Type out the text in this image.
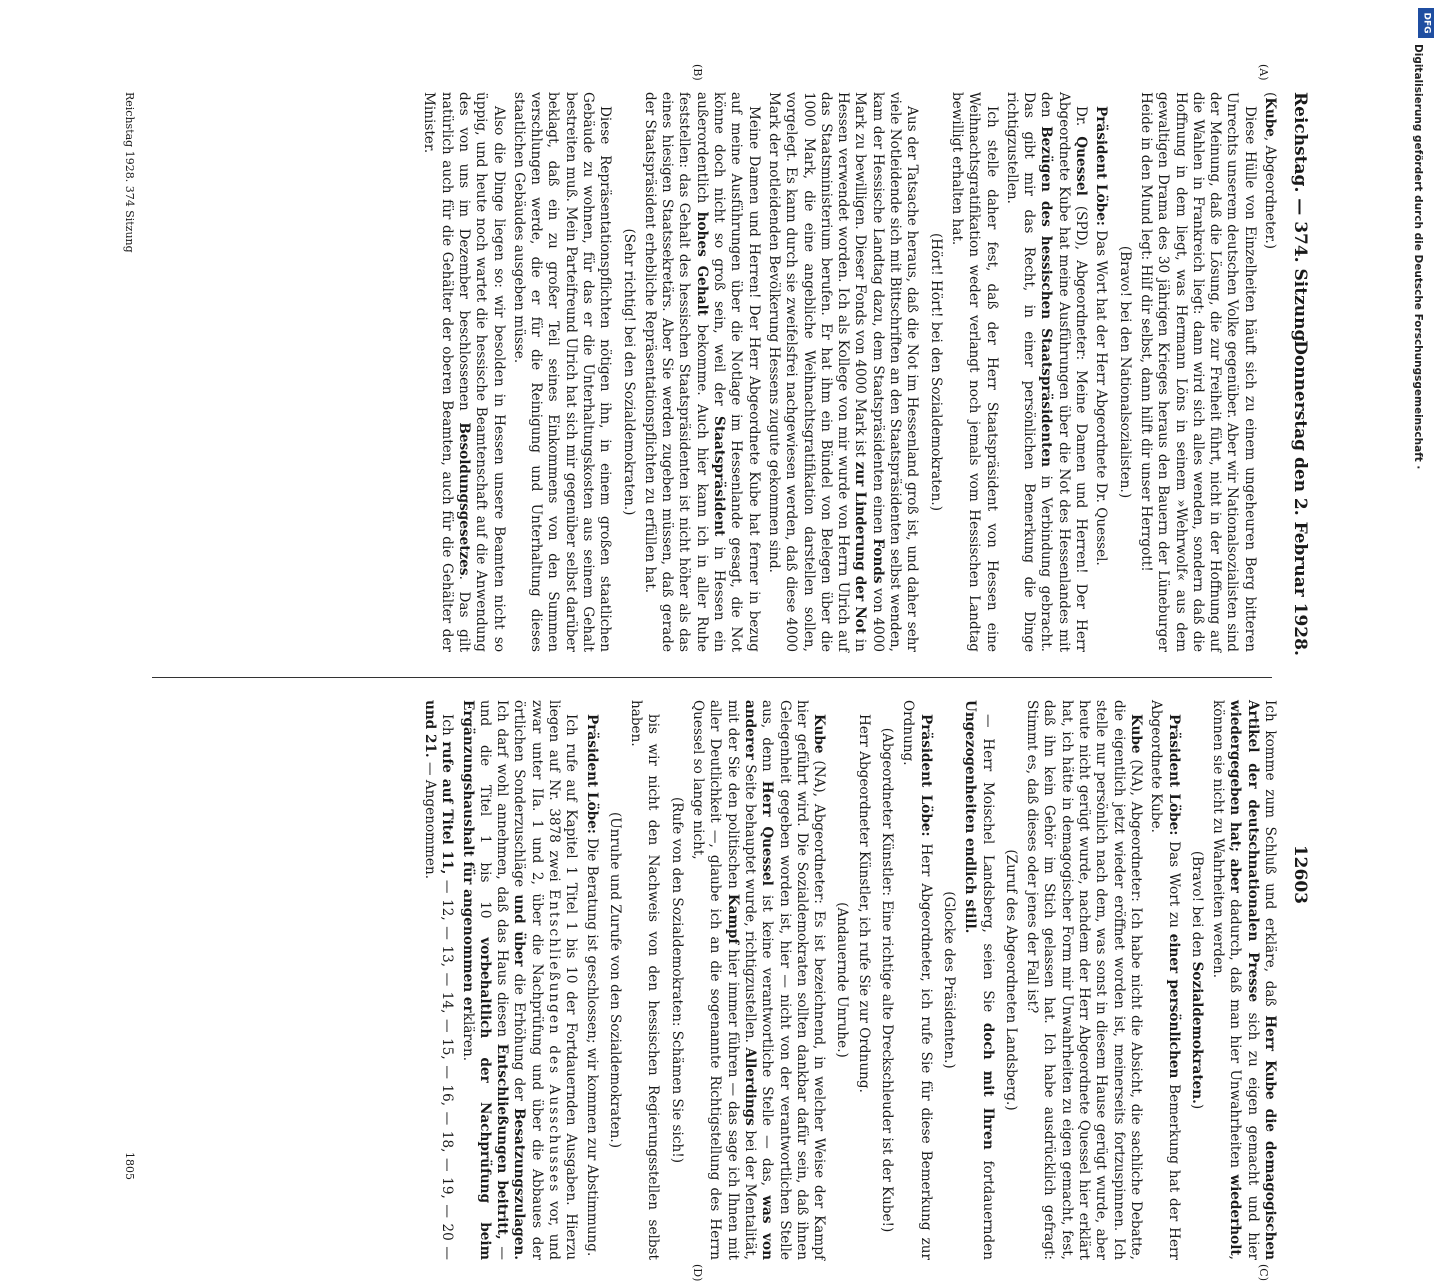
Reichstag. — 374. Sitzung.
Donnerstag den 2. Februar 1928.
12603

(Kube, Abgeordneter.)

Diese Hülle von Einzelheiten häuft sich zu einem ungeheuren Berg bitteren Unrechts unserem deutschen Volke gegenüber. Aber wir Nationalsozialisten sind der Meinung, daß die Lösung, die zur Freiheit führt, nicht in der Hoffnung auf die Wahlen in Frankreich liegt: dann wird sich alles wenden, sondern daß die Hoffnung in dem liegt, was Hermann Löns in seinem »Wehrwolf« aus dem gewaltigen Drama des 30 jährigen Krieges heraus den Bauern der Lüneburger Heide in den Mund legt: Hilf dir selbst, dann hilft dir unser Herrgott!

(Bravo! bei den Nationalsozialisten.)

Präsident Löbe: Das Wort hat der Herr Abgeordnete Dr. Quessel.

Dr. Quessel (SPD), Abgeordneter: Meine Damen und Herren! Der Herr Abgeordnete Kube hat meine Ausführungen über die Not des Hessenlandes mit den Bezügen des hessischen Staatspräsidenten in Verbindung gebracht. Das gibt mir das Recht, in einer persönlichen Bemerkung die Dinge richtigzustellen.

Ich stelle daher fest, daß der Herr Staatspräsident von Hessen eine Weihnachtsgratifikation weder verlangt noch jemals vom Hessischen Landtag bewilligt erhalten hat.

(Hört! Hört! bei den Sozialdemokraten.)

Aus der Tatsache heraus, daß die Not im Hessenland groß ist, und daher sehr viele Notleidende sich mit Bittschriften an den Staatspräsidenten selbst wenden, kam der Hessische Landtag dazu, dem Staatspräsidenten einen Fonds von 4000 Mark zu bewilligen. Dieser Fonds von 4000 Mark ist zur Linderung der Not in Hessen verwendet worden. Ich als Kollege von mir wurde von Herrn Ulrich auf das Staatsministerium berufen. Er hat ihm ein Bündel von Belegen über die 1000 Mark, die eine angebliche Weihnachtsgratifikation darstellen sollen, vorgelegt. Es kann durch sie zweifelsfrei nachgewiesen werden, daß diese 4000 Mark der notleidenden Bevölkerung Hessens zugute gekommen sind.

Meine Damen und Herren! Der Herr Abgeordnete Kube hat ferner in bezug auf meine Ausführungen über die Notlage im Hessenlande gesagt, die Not könne doch nicht so groß sein, weil der Staatspräsident in Hessen ein außerordentlich hohes Gehalt bekomme. Auch hier kann ich in aller Ruhe feststellen: das Gehalt des hessischen Staatspräsidenten ist nicht höher als das eines hiesigen Staatssekretärs. Aber Sie werden zugeben müssen, daß gerade der Staatspräsident erhebliche Repräsentationspflichten zu erfüllen hat.

(Sehr richtig! bei den Sozialdemokraten.)

Diese Repräsentationspflichten nötigen ihn, in einem großen staatlichen Gebäude zu wohnen, für das er die Unterhaltungskosten aus seinem Gehalt bestreiten muß. Mein Parteifreund Ulrich hat sich mir gegenüber selbst darüber beklagt, daß ein zu großer Teil seines Einkommens von den Summen verschlungen werde, die er für die Reinigung und Unterhaltung dieses staatlichen Gebäudes ausgeben müsse.

Also die Dinge liegen so: wir besolden in Hessen unsere Beamten nicht so üppig, und heute noch wartet die hessische Beamtenschaft auf die Anwendung des von uns im Dezember beschlossenen Besoldungsgesetzes. Das gilt natürlich auch für die Gehälter der oberen Beamten, auch für die Gehälter der Minister.

Ich komme zum Schluß und erkläre, daß Herr Kube die demagogischen Artikel der deutschnationalen Presse sich zu eigen gemacht und hier wiedergegeben hat; aber dadurch, daß man hier Unwahrheiten wiederholt, können sie nicht zu Wahrheiten werden.

(Bravo! bei den Sozialdemokraten.)

Präsident Löbe: Das Wort zu einer persönlichen Bemerkung hat der Herr Abgeordnete Kube.

Kube (NA), Abgeordneter: Ich habe nicht die Absicht, die sachliche Debatte, die eigentlich jetzt wieder eröffnet worden ist, meinerseits fortzuspinnen. Ich stelle nur persönlich nach dem, was sonst in diesem Hause gerügt wurde, aber heute nicht gerügt wurde, nachdem der Herr Abgeordnete Quessel hier erklärt hat, ich hätte in demagogischer Form mir Unwahrheiten zu eigen gemacht, fest, daß ihn kein Gehör im Stich gelassen hat. Ich habe ausdrücklich gefragt: Stimmt es, daß dieses oder jenes der Fall ist?

(Zuruf des Abgeordneten Landsberg.)

— Herr Moischel Landsberg, seien Sie doch mit Ihren fortdauernden Ungezogenheiten endlich still.

(Glocke des Präsidenten.)

Präsident Löbe: Herr Abgeordneter, ich rufe Sie für diese Bemerkung zur Ordnung.

(Abgeordneter Künstler: Eine richtige alte Dreckschleuder ist der Kube!)

Herr Abgeordneter Künstler, ich rufe Sie zur Ordnung.

(Andauernde Unruhe.)

Kube (NA), Abgeordneter: Es ist bezeichnend, in welcher Weise der Kampf hier geführt wird. Die Sozialdemokraten sollten dankbar dafür sein, daß ihnen Gelegenheit gegeben worden ist, hier — nicht von der verantwortlichen Stelle aus, denn Herr Quessel ist keine verantwortliche Stelle — das, was von anderer Seite behauptet wurde, richtigzustellen. Allerdings bei der Mentalität, mit der Sie den politischen Kampf hier immer führen — das sage ich Ihnen mit aller Deutlichkeit —, glaube ich an die sogenannte Richtigstellung des Herrn Quessel so lange nicht,

(Rufe von den Sozialdemokraten: Schämen Sie sich!)

bis wir nicht den Nachweis von den hessischen Regierungsstellen selbst haben.

(Unruhe und Zurufe von den Sozialdemokraten.)

Präsident Löbe: Die Beratung ist geschlossen; wir kommen zur Abstimmung.

Ich rufe auf Kapitel 1 Titel 1 bis 10 der Fortdauernden Ausgaben. Hierzu liegen auf Nr. 3878 zwei Entschließungen des Ausschusses vor, und zwar unter IIa. 1 und 2, über die Nachprüfung und über die Abbaues der örtlichen Sonderzuschläge und über die Erhöhung der Besatzungszulagen. Ich darf wohl annehmen, daß das Haus diesen Entschließungen beitritt, — und die Titel 1 bis 10 vorbehaltlich der Nachprüfung beim Ergänzungshaushalt für angenommen erklären.

Ich rufe auf Titel 11, — 12, — 13, — 14, — 15, — 16, — 18, — 19, — 20 — und 21. — Angenommen.

(A)
(B)
(C)
(D)
Reichstag 1928. 374 Sitzung
1805
DFG
Digitalisierung gefördert durch die Deutsche Forschungsgemeinschaft ·
